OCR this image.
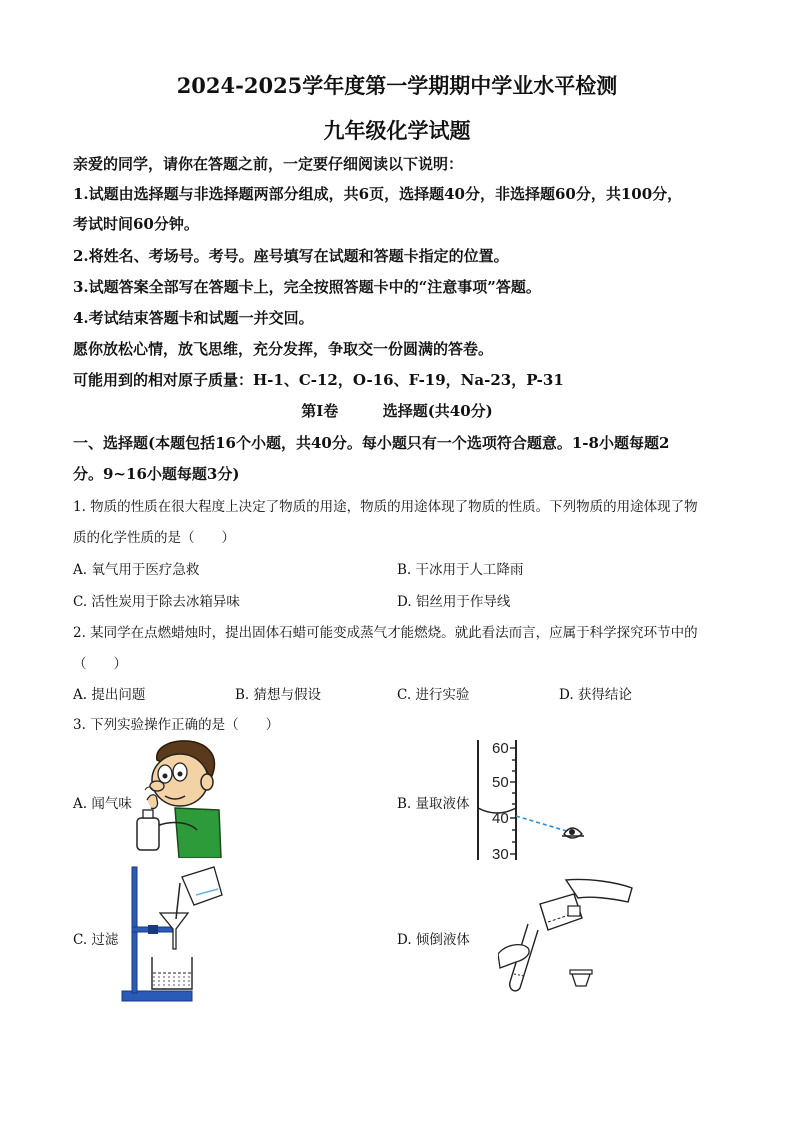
2024-2025学年度第一学期期中学业水平检测
九年级化学试题
亲爱的同学，请你在答题之前，一定要仔细阅读以下说明：
1.试题由选择题与非选择题两部分组成，共6页，选择题40分，非选择题60分，共100分，
考试时间60分钟。
2.将姓名、考场号。考号。座号填写在试题和答题卡指定的位置。
3.试题答案全部写在答题卡上，完全按照答题卡中的“注意事项”答题。
4.考试结束答题卡和试题一并交回。
愿你放松心情，放飞思维，充分发挥，争取交一份圆满的答卷。
可能用到的相对原子质量：H-1、C-12，O-16、F-19，Na-23，P-31
第Ⅰ卷	选择题(共40分)
一、选择题(本题包括16个小题，共40分。每小题只有一个选项符合题意。1-8小题每题2
分。9~16小题每题3分)
1. 物质的性质在很大程度上决定了物质的用途，物质的用途体现了物质的性质。下列物质的用途体现了物
质的化学性质的是（　　）
A. 氧气用于医疗急救	B. 干冰用于人工降雨
C. 活性炭用于除去冰箱异味	D. 铝丝用于作导线
2. 某同学在点燃蜡烛时，提出固体石蜡可能变成蒸气才能燃烧。就此看法而言，应属于科学探究环节中的
（　　）
A. 提出问题	B. 猜想与假设	C. 进行实验	D. 获得结论
3. 下列实验操作正确的是（　　）
A. 闻气味	B. 量取液体
C. 过滤	D. 倾倒液体
60
50
40
30
